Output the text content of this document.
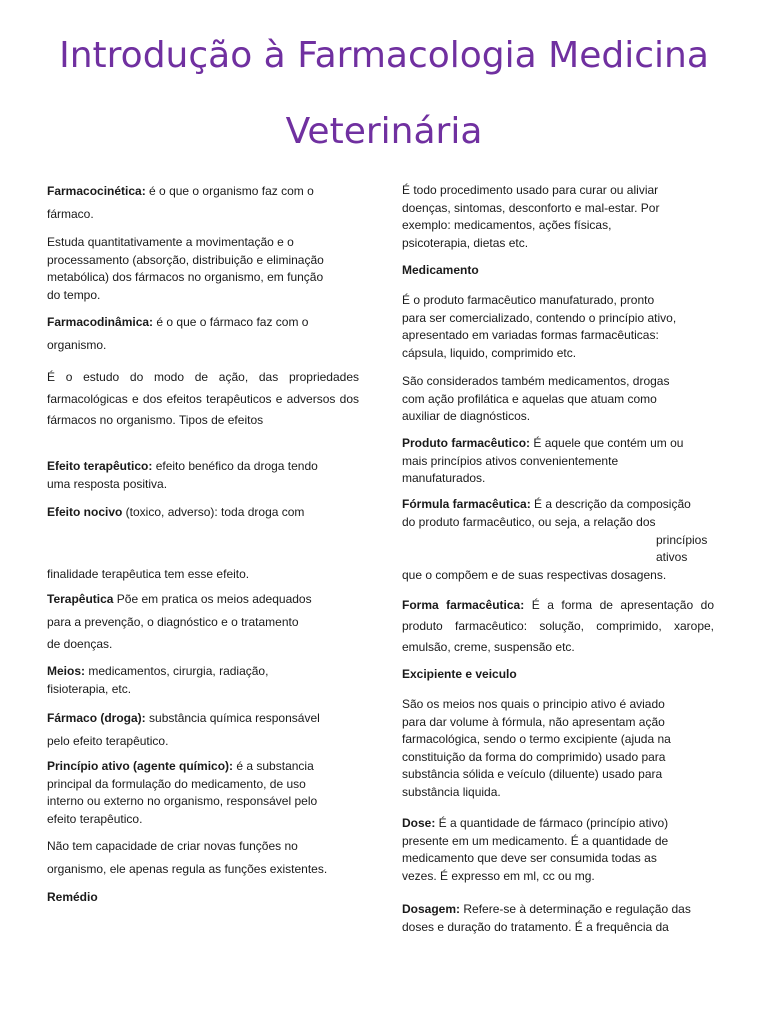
Introdução à Farmacologia Medicina
Veterinária

Farmacocinética: é o que o organismo faz com o
fármaco.

Estuda quantitativamente a movimentação e o
processamento (absorção, distribuição e eliminação
metabólica) dos fármacos no organismo, em função
do tempo.

Farmacodinâmica: é o que o fármaco faz com o
organismo.

É o estudo do modo de ação, das propriedades farmacológicas e dos efeitos terapêuticos e adversos dos fármacos no organismo. Tipos de efeitos

Efeito terapêutico: efeito benéfico da droga tendo
uma resposta positiva.

Efeito nocivo (toxico, adverso): toda droga com

finalidade terapêutica tem esse efeito.

Terapêutica Põe em pratica os meios adequados
para a prevenção, o diagnóstico e o tratamento
de doenças.

Meios: medicamentos, cirurgia, radiação,
fisioterapia, etc.

Fármaco (droga): substância química responsável
pelo efeito terapêutico.

Princípio ativo (agente químico): é a substancia
principal da formulação do medicamento, de uso
interno ou externo no organismo, responsável pelo
efeito terapêutico.

Não tem capacidade de criar novas funções no
organismo, ele apenas regula as funções existentes.

Remédio

É todo procedimento usado para curar ou aliviar
doenças, sintomas, desconforto e mal-estar. Por
exemplo: medicamentos, ações físicas,
psicoterapia, dietas etc.

Medicamento

É o produto farmacêutico manufaturado, pronto
para ser comercializado, contendo o princípio ativo,
apresentado em variadas formas farmacêuticas:
cápsula, liquido, comprimido etc.

São considerados também medicamentos, drogas
com ação profilática e aquelas que atuam como
auxiliar de diagnósticos.

Produto farmacêutico: É aquele que contém um ou
mais princípios ativos convenientemente
manufaturados.

Fórmula farmacêutica: É a descrição da composição
do produto farmacêutico, ou seja, a relação dos

princípios

ativos

que o compõem e de suas respectivas dosagens.

Forma farmacêutica: É a forma de apresentação do produto farmacêutico: solução, comprimido, xarope, emulsão, creme, suspensão etc.

Excipiente e veiculo

São os meios nos quais o principio ativo é aviado
para dar volume à fórmula, não apresentam ação
farmacológica, sendo o termo excipiente (ajuda na
constituição da forma do comprimido) usado para
substância sólida e veículo (diluente) usado para
substância liquida.

Dose: É a quantidade de fármaco (princípio ativo)
presente em um medicamento. É a quantidade de
medicamento que deve ser consumida todas as
vezes. É expresso em ml, cc ou mg.

Dosagem: Refere-se à determinação e regulação das
doses e duração do tratamento. É a frequência da
